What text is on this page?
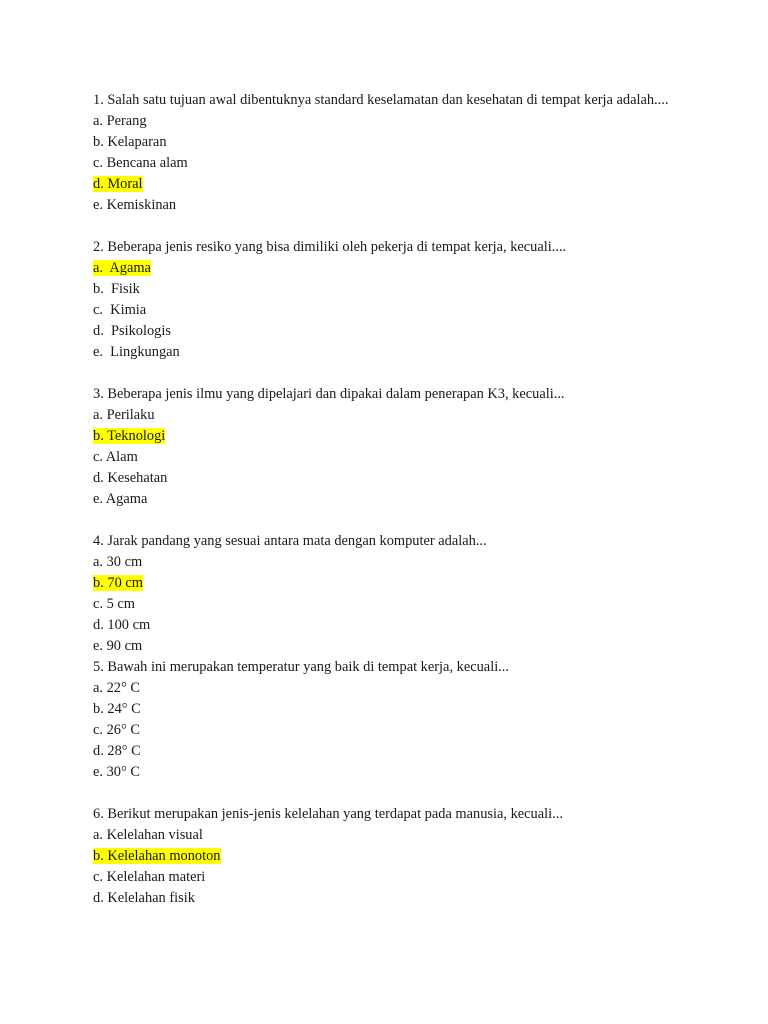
1. Salah satu tujuan awal dibentuknya standard keselamatan dan kesehatan di tempat kerja adalah....

a. Perang

b. Kelaparan

c. Bencana alam

d. Moral

e. Kemiskinan

2. Beberapa jenis resiko yang bisa dimiliki oleh pekerja di tempat kerja, kecuali....

a.  Agama

b.  Fisik

c.  Kimia

d.  Psikologis

e.  Lingkungan

3. Beberapa jenis ilmu yang dipelajari dan dipakai dalam penerapan K3, kecuali...

a. Perilaku

b. Teknologi

c. Alam

d. Kesehatan

e. Agama

4. Jarak pandang yang sesuai antara mata dengan komputer adalah...

a. 30 cm

b. 70 cm

c. 5 cm

d. 100 cm

e. 90 cm

5. Bawah ini merupakan temperatur yang baik di tempat kerja, kecuali...

a. 22° C

b. 24° C

c. 26° C

d. 28° C

e. 30° C

6. Berikut merupakan jenis-jenis kelelahan yang terdapat pada manusia, kecuali...

a. Kelelahan visual

b. Kelelahan monoton

c. Kelelahan materi

d. Kelelahan fisik
